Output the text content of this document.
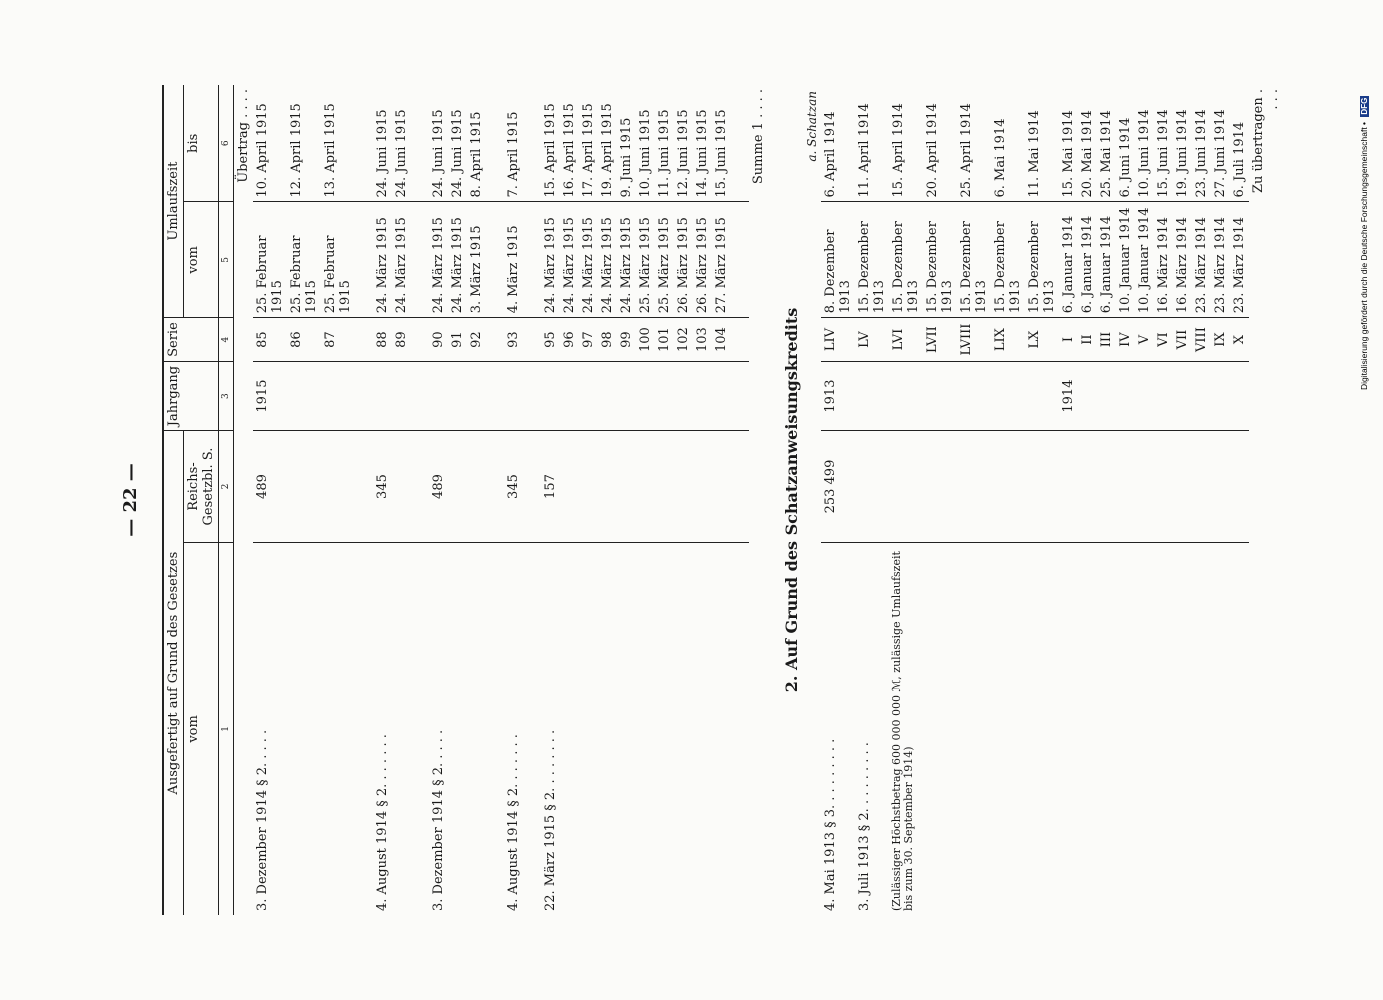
— 22 —
Ausgefertigt auf Grund des Gesetzes		Jahrgang	Serie	Umlaufszeit	
vom	Reichs-Gesetzbl. S.			vom	bis
1	2	3	4	5	6
					Übertrag . . . .
3. Dezember 1914 § 2. . . . .	489	1915	85	25. Februar 1915	10. April 1915
			86	25. Februar 1915	12. April 1915
			87	25. Februar 1915	13. April 1915

4. August 1914 § 2. . . . . . .	345		88	24. März 1915	24. Juni 1915
			89	24. März 1915	24. Juni 1915

3. Dezember 1914 § 2. . . . .	489		90	24. März 1915	24. Juni 1915
			91	24. März 1915	24. Juni 1915
			92	3. März 1915	8. April 1915

4. August 1914 § 2. . . . . . .	345		93	4. März 1915	7. April 1915

22. März 1915 § 2. . . . . . . .	157		95	24. März 1915	15. April 1915
			96	24. März 1915	16. April 1915
			97	24. März 1915	17. April 1915
			98	24. März 1915	19. April 1915
			99	24. März 1915	9. Juni 1915
			100	25. März 1915	10. Juni 1915
			101	25. März 1915	11. Juni 1915
			102	26. März 1915	12. Juni 1915
			103	26. März 1915	14. Juni 1915
			104	27. März 1915	15. Juni 1915

					Summe 1 . . . .
2. Auf Grund des Schatzanweisungskredits					
a. Schatzan					
4. Mai 1913 § 3. . . . . . . . .	253 499	1913	LIV	8. Dezember 1913	6. April 1914
3. Juli 1913 § 2. . . . . . . . .			LV	15. Dezember 1913	11. April 1914
(Zulässiger Höchstbetrag 600 000 000 ℳ, zulässige Umlaufszeit bis zum 30. September 1914)			LVI	15. Dezember 1913	15. April 1914
			LVII	15. Dezember 1913	20. April 1914
			LVIII	15. Dezember 1913	25. April 1914
			LIX	15. Dezember 1913	6. Mai 1914
			LX	15. Dezember 1913	11. Mai 1914
		1914	I	6. Januar 1914	15. Mai 1914
			II	6. Januar 1914	20. Mai 1914
			III	6. Januar 1914	25. Mai 1914
			IV	10. Januar 1914	6. Juni 1914
			V	10. Januar 1914	10. Juni 1914
			VI	16. März 1914	15. Juni 1914
			VII	16. März 1914	19. Juni 1914
			VIII	23. März 1914	23. Juni 1914
			IX	23. März 1914	27. Juni 1914
			X	23. März 1914	6. Juli 1914
					Zu übertragen . . . .
Digitalisierung gefördert durch die Deutsche Forschungsgemeinschaft • DFG
